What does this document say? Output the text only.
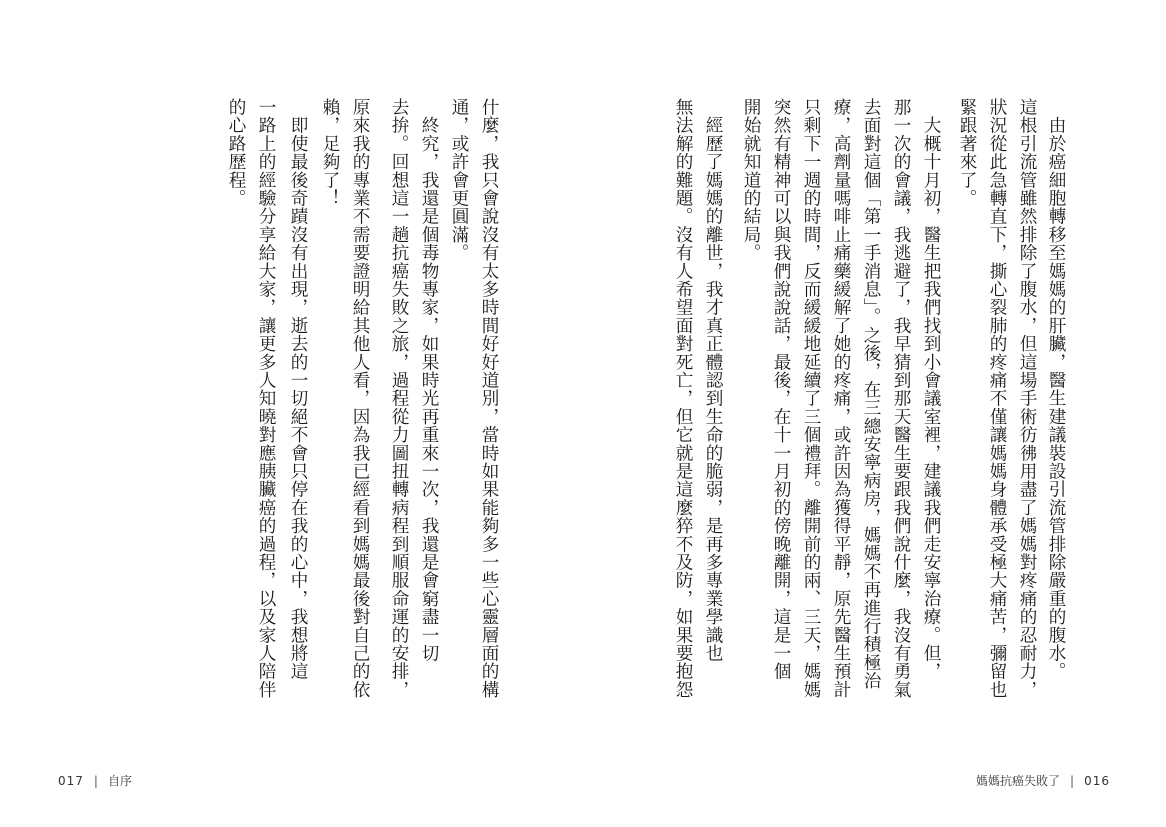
什麼，我只會說沒有太多時間好好道別，當時如果能夠多一些心靈層面的構
通，或許會更圓滿。
　終究，我還是個毒物專家，如果時光再重來一次，我還是會窮盡一切
去拚。回想這一趟抗癌失敗之旅，過程從力圖扭轉病程到順服命運的安排，
原來我的專業不需要證明給其他人看，因為我已經看到媽媽最後對自己的依
賴，足夠了！
　即使最後奇蹟沒有出現，逝去的一切絕不會只停在我的心中，我想將這
一路上的經驗分享給大家，讓更多人知曉對應胰臟癌的過程，以及家人陪伴
的心路歷程。
017 | 自序
　由於癌細胞轉移至媽媽的肝臟，醫生建議裝設引流管排除嚴重的腹水。
這根引流管雖然排除了腹水，但這場手術彷彿用盡了媽媽對疼痛的忍耐力，
狀況從此急轉直下，撕心裂肺的疼痛不僅讓媽媽身體承受極大痛苦，彌留也
緊跟著來了。
　大概十月初，醫生把我們找到小會議室裡，建議我們走安寧治療。但，
那一次的會議，我逃避了，我早猜到那天醫生要跟我們說什麼，我沒有勇氣
去面對這個「第一手消息」。之後，在三總安寧病房，媽媽不再進行積極治
療，高劑量嗎啡止痛藥緩解了她的疼痛，或許因為獲得平靜，原先醫生預計
只剩下一週的時間，反而緩緩地延續了三個禮拜。離開前的兩、三天，媽媽
突然有精神可以與我們說說話，最後，在十一月初的傍晚離開，這是一個
開始就知道的結局。
　經歷了媽媽的離世，我才真正體認到生命的脆弱，是再多專業學識也
無法解的難題。沒有人希望面對死亡，但它就是這麼猝不及防，如果要抱怨
媽媽抗癌失敗了 | 016
